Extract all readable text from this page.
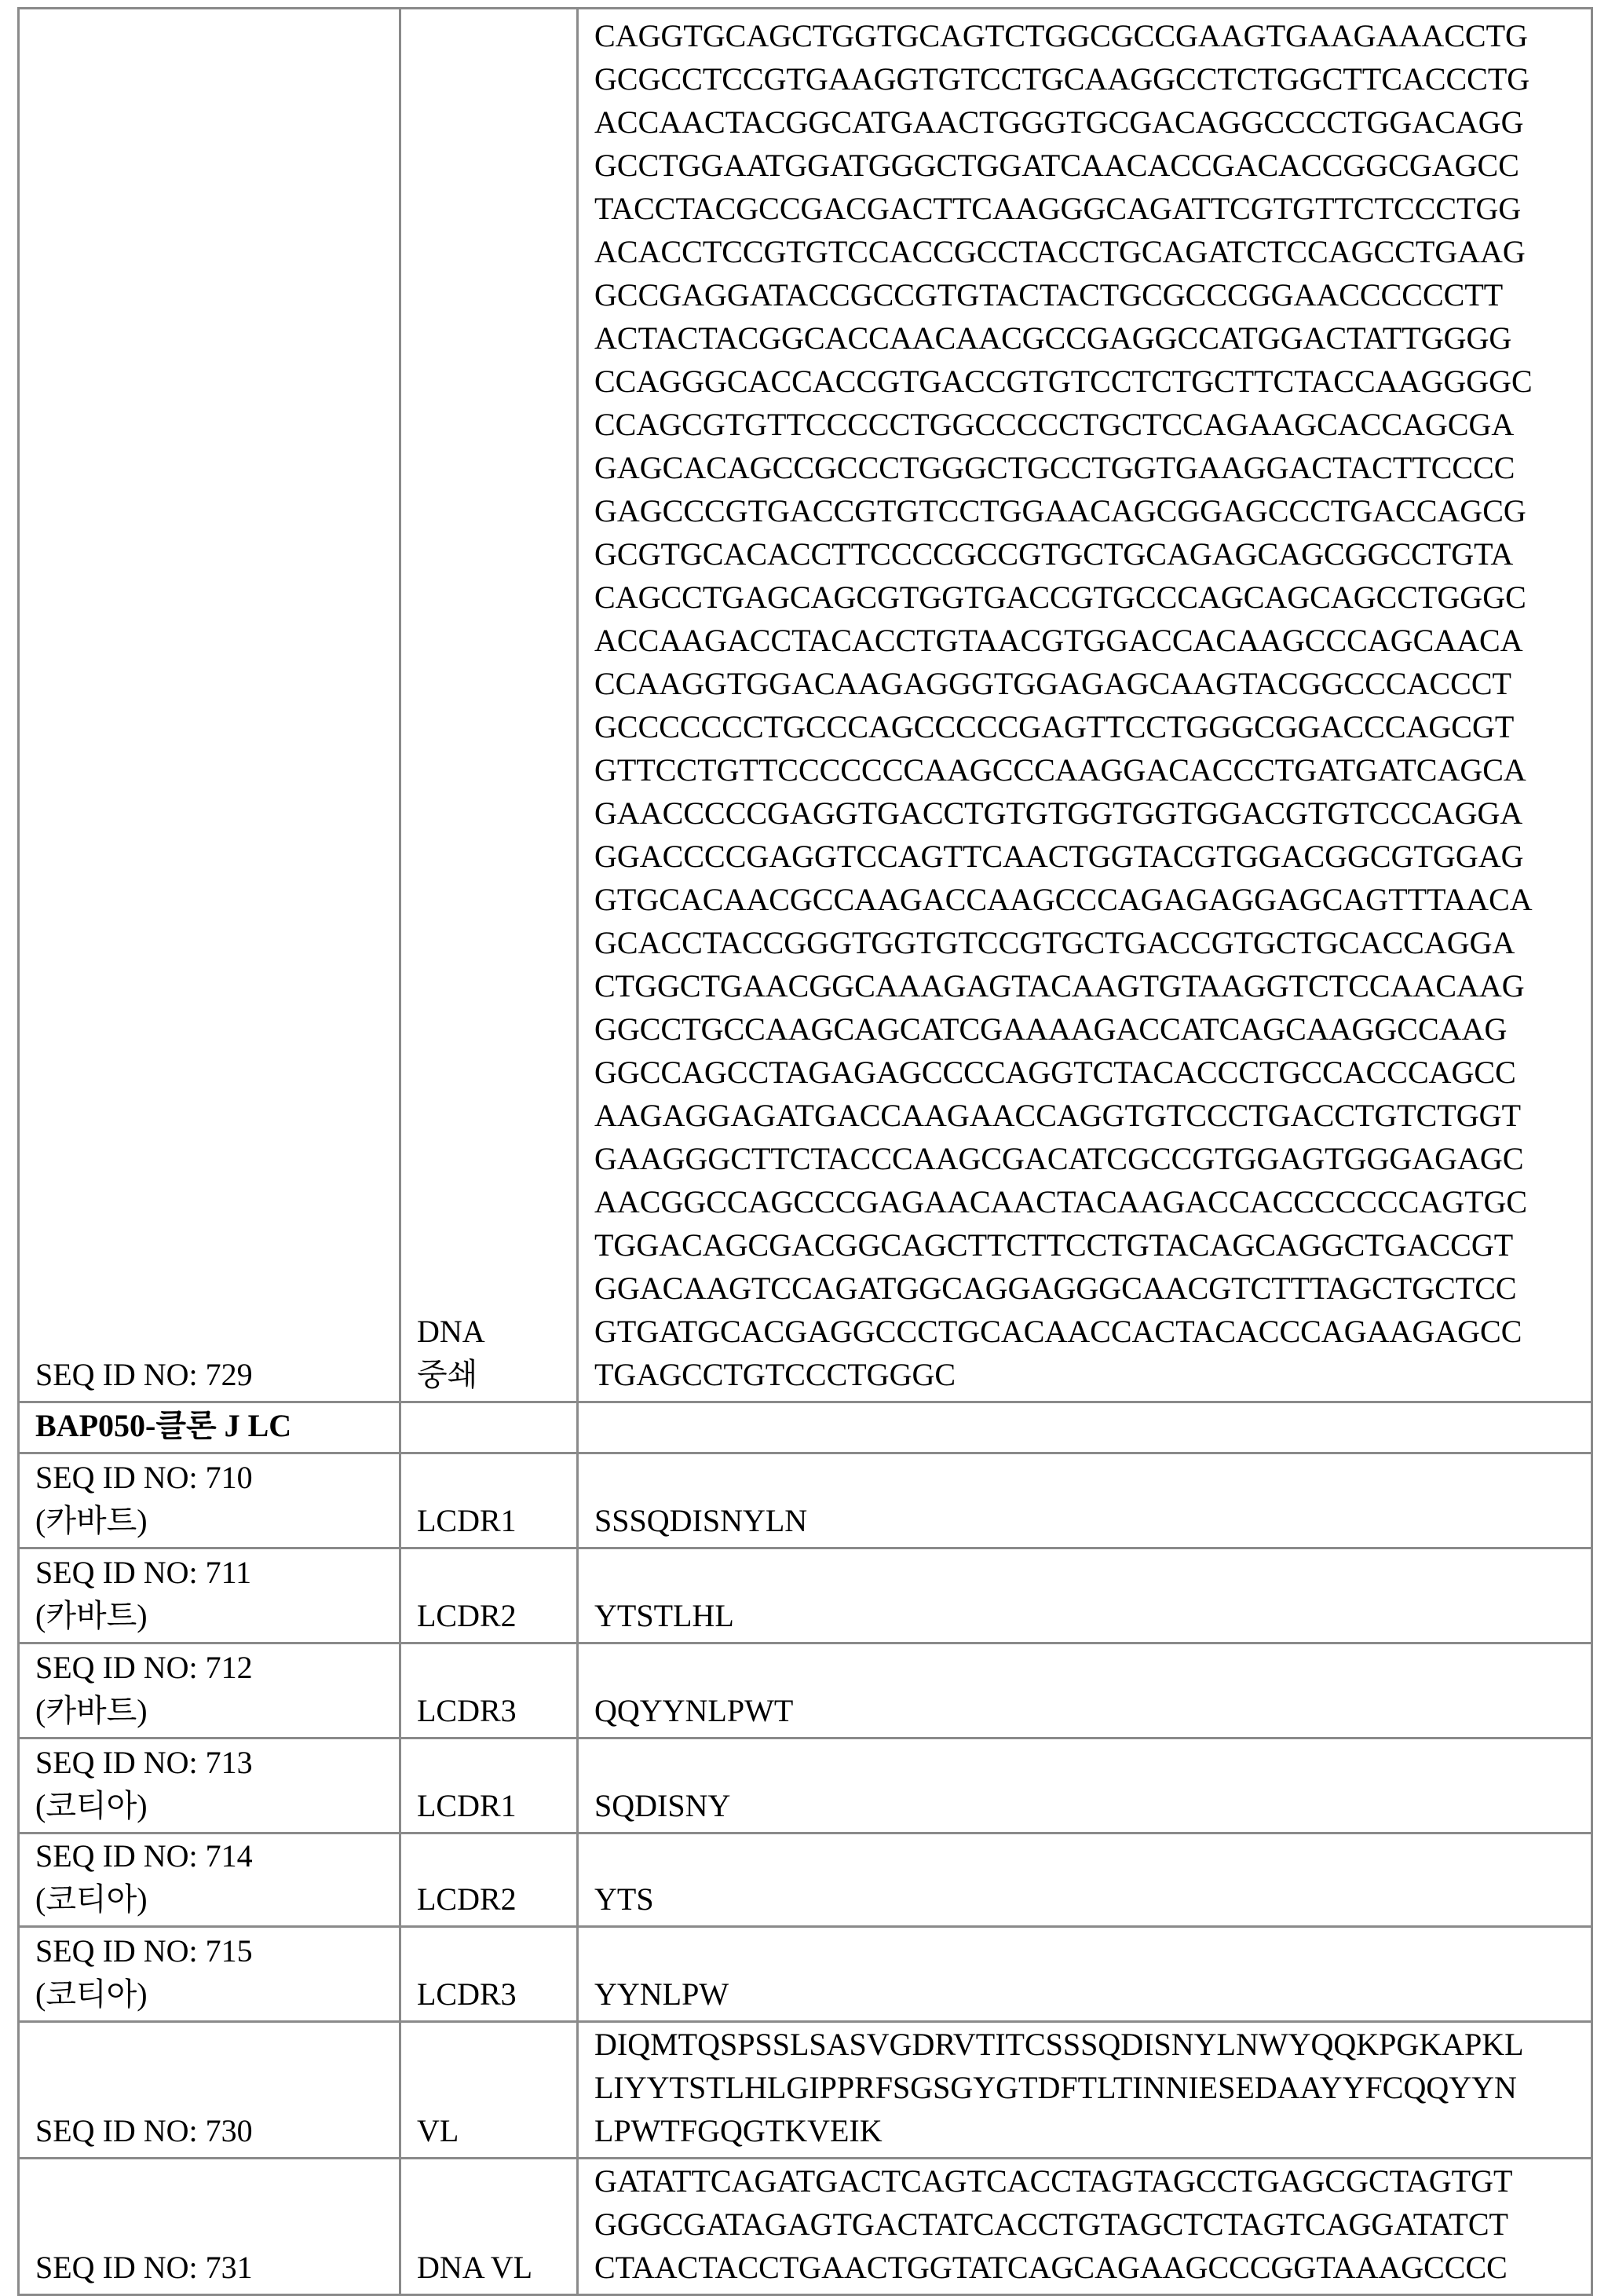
SEQ ID NO: 729

DNA
중쇄

CAGGTGCAGCTGGTGCAGTCTGGCGCCGAAGTGAAGAAACCTG
GCGCCTCCGTGAAGGTGTCCTGCAAGGCCTCTGGCTTCACCCTG
ACCAACTACGGCATGAACTGGGTGCGACAGGCCCCTGGACAGG
GCCTGGAATGGATGGGCTGGATCAACACCGACACCGGCGAGCC
TACCTACGCCGACGACTTCAAGGGCAGATTCGTGTTCTCCCTGG
ACACCTCCGTGTCCACCGCCTACCTGCAGATCTCCAGCCTGAAG
GCCGAGGATACCGCCGTGTACTACTGCGCCCGGAACCCCCCTT
ACTACTACGGCACCAACAACGCCGAGGCCATGGACTATTGGGG
CCAGGGCACCACCGTGACCGTGTCCTCTGCTTCTACCAAGGGGC
CCAGCGTGTTCCCCCTGGCCCCCTGCTCCAGAAGCACCAGCGA
GAGCACAGCCGCCCTGGGCTGCCTGGTGAAGGACTACTTCCCC
GAGCCCGTGACCGTGTCCTGGAACAGCGGAGCCCTGACCAGCG
GCGTGCACACCTTCCCCGCCGTGCTGCAGAGCAGCGGCCTGTA
CAGCCTGAGCAGCGTGGTGACCGTGCCCAGCAGCAGCCTGGGC
ACCAAGACCTACACCTGTAACGTGGACCACAAGCCCAGCAACA
CCAAGGTGGACAAGAGGGTGGAGAGCAAGTACGGCCCACCCT
GCCCCCCCTGCCCAGCCCCCGAGTTCCTGGGCGGACCCAGCGT
GTTCCTGTTCCCCCCCAAGCCCAAGGACACCCTGATGATCAGCA
GAACCCCCGAGGTGACCTGTGTGGTGGTGGACGTGTCCCAGGA
GGACCCCGAGGTCCAGTTCAACTGGTACGTGGACGGCGTGGAG
GTGCACAACGCCAAGACCAAGCCCAGAGAGGAGCAGTTTAACA
GCACCTACCGGGTGGTGTCCGTGCTGACCGTGCTGCACCAGGA
CTGGCTGAACGGCAAAGAGTACAAGTGTAAGGTCTCCAACAAG
GGCCTGCCAAGCAGCATCGAAAAGACCATCAGCAAGGCCAAG
GGCCAGCCTAGAGAGCCCCAGGTCTACACCCTGCCACCCAGCC
AAGAGGAGATGACCAAGAACCAGGTGTCCCTGACCTGTCTGGT
GAAGGGCTTCTACCCAAGCGACATCGCCGTGGAGTGGGAGAGC
AACGGCCAGCCCGAGAACAACTACAAGACCACCCCCCCAGTGC
TGGACAGCGACGGCAGCTTCTTCCTGTACAGCAGGCTGACCGT
GGACAAGTCCAGATGGCAGGAGGGCAACGTCTTTAGCTGCTCC
GTGATGCACGAGGCCCTGCACAACCACTACACCCAGAAGAGCC
TGAGCCTGTCCCTGGGC

BAP050-클론 J LC		

SEQ ID NO: 710
(카바트)	LCDR1	SSSQDISNYLN

SEQ ID NO: 711
(카바트)	LCDR2	YTSTLHL

SEQ ID NO: 712
(카바트)	LCDR3	QQYYNLPWT

SEQ ID NO: 713
(코티아)	LCDR1	SQDISNY

SEQ ID NO: 714
(코티아)	LCDR2	YTS

SEQ ID NO: 715
(코티아)	LCDR3	YYNLPW

SEQ ID NO: 730	VL

DIQMTQSPSSLSASVGDRVTITCSSSQDISNYLNWYQQKPGKAPKL
LIYYTSTLHLGIPPRFSGSGYGTDFTLTINNIESEDAAYYFCQQYYN
LPWTFGQGTKVEIK

SEQ ID NO: 731	DNA VL

GATATTCAGATGACTCAGTCACCTAGTAGCCTGAGCGCTAGTGT
GGGCGATAGAGTGACTATCACCTGTAGCTCTAGTCAGGATATCT
CTAACTACCTGAACTGGTATCAGCAGAAGCCCGGTAAAGCCCC
